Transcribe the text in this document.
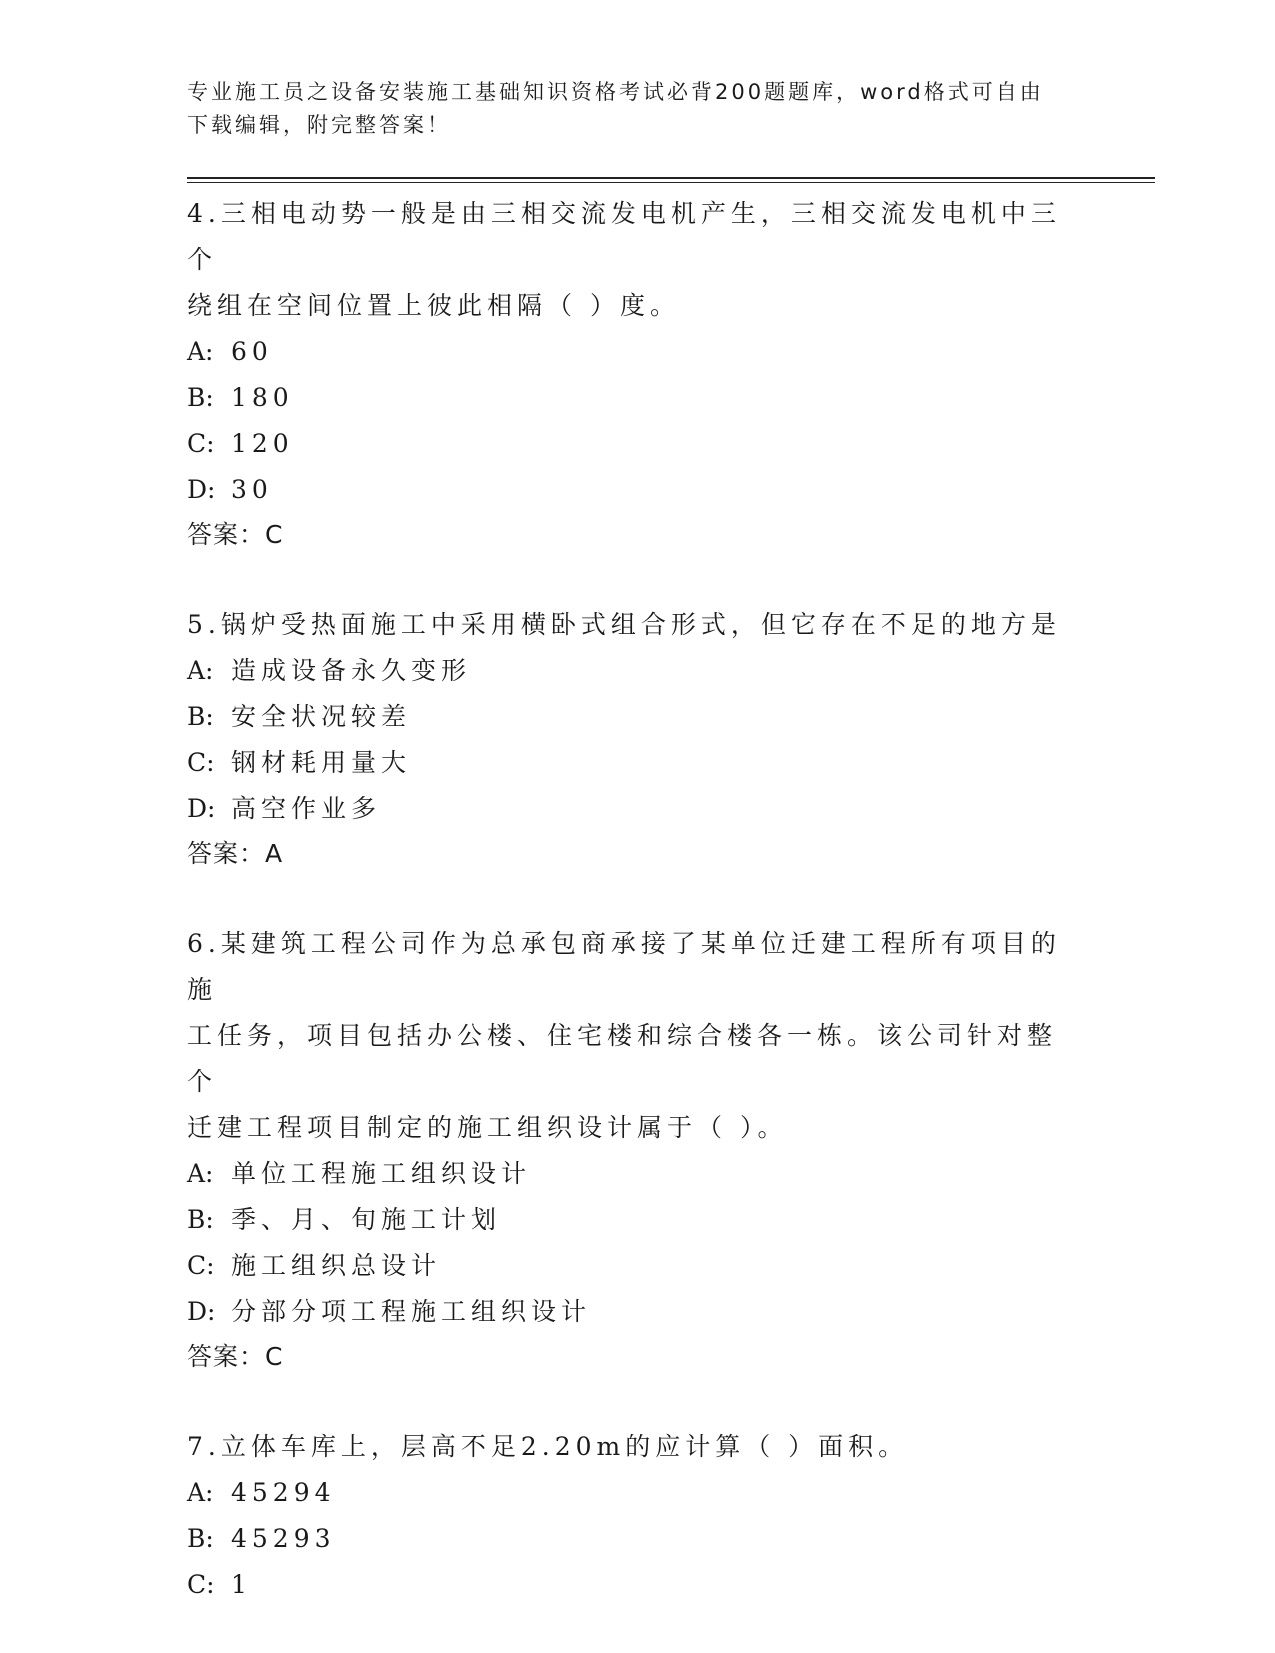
专业施工员之设备安装施工基础知识资格考试必背200题题库，word格式可自由
下载编辑，附完整答案！
4.三相电动势一般是由三相交流发电机产生，三相交流发电机中三个
绕组在空间位置上彼此相隔（ ）度。
A: 60
B: 180
C: 120
D: 30
答案：C
5.锅炉受热面施工中采用横卧式组合形式，但它存在不足的地方是
A: 造成设备永久变形
B: 安全状况较差
C: 钢材耗用量大
D: 高空作业多
答案：A
6.某建筑工程公司作为总承包商承接了某单位迁建工程所有项目的施
工任务，项目包括办公楼、住宅楼和综合楼各一栋。该公司针对整个
迁建工程项目制定的施工组织设计属于（ ）。
A: 单位工程施工组织设计
B: 季、月、旬施工计划
C: 施工组织总设计
D: 分部分项工程施工组织设计
答案：C
7.立体车库上，层高不足2.20m的应计算（ ）面积。
A: 45294
B: 45293
C: 1
